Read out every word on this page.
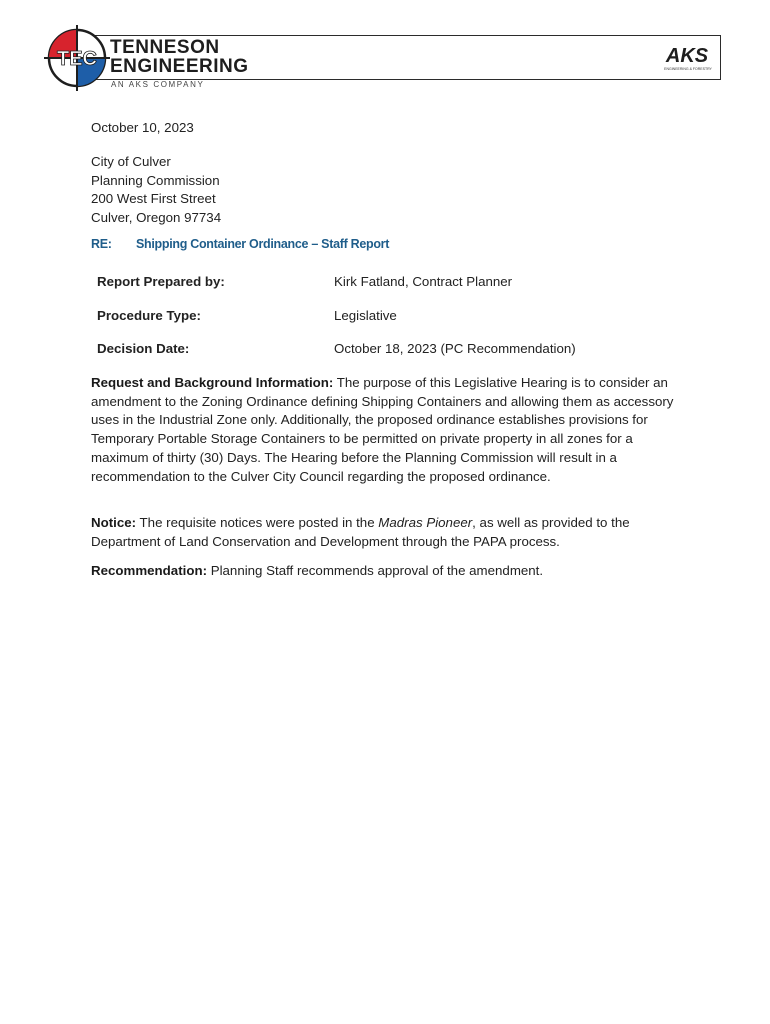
TEC
TENNESON
ENGINEERING
AN AKS COMPANY
AKS
ENGINEERING & FORESTRY
October 10, 2023
City of Culver
Planning Commission
200 West First Street
Culver, Oregon 97734
RE: Shipping Container Ordinance – Staff Report
Report Prepared by:	Kirk Fatland, Contract Planner
Procedure Type:	Legislative
Decision Date:	October 18, 2023 (PC Recommendation)
Request and Background Information: The purpose of this Legislative Hearing is to consider an amendment to the Zoning Ordinance defining Shipping Containers and allowing them as accessory uses in the Industrial Zone only. Additionally, the proposed ordinance establishes provisions for Temporary Portable Storage Containers to be permitted on private property in all zones for a maximum of thirty (30) Days. The Hearing before the Planning Commission will result in a recommendation to the Culver City Council regarding the proposed ordinance.
Notice: The requisite notices were posted in the Madras Pioneer, as well as provided to the Department of Land Conservation and Development through the PAPA process.
Recommendation: Planning Staff recommends approval of the amendment.
